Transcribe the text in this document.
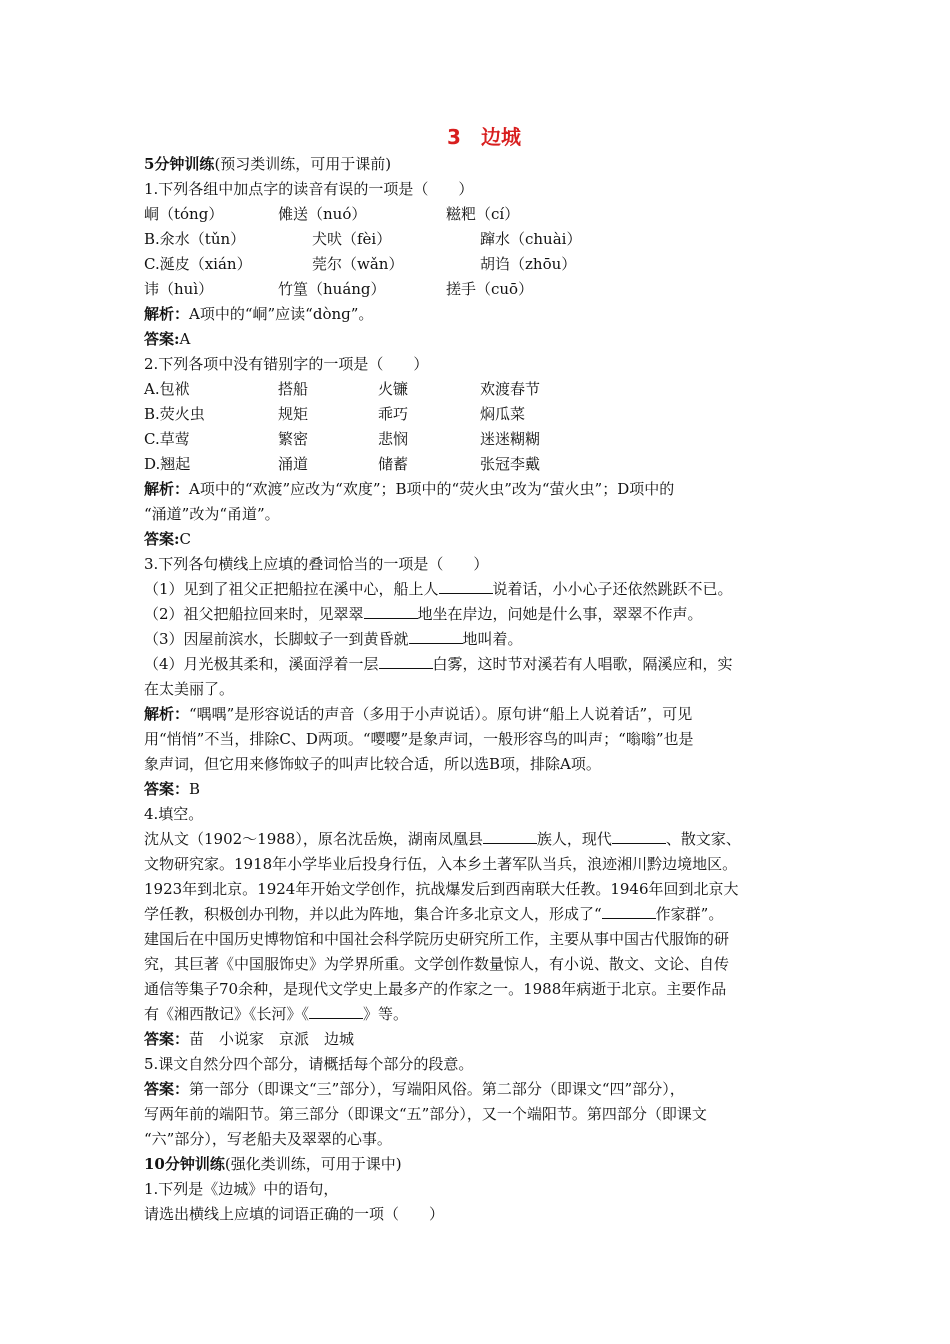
3　边城
5分钟训练(预习类训练，可用于课前)
1.下列各组中加点字的读音有误的一项是（　　）
峒（tóng）	傩送（nuó）	糍粑（cí）
B.氽水（tǔn）	犬吠（fèi）	蹿水（chuài）
C.涎皮（xián）	莞尔（wǎn）	胡诌（zhōu）
讳（huì）	竹篁（huáng）	搓手（cuō）
解析：A项中的“峒”应读“dònɡ”。
答案:A
2.下列各项中没有错别字的一项是（　　）
A.包袱	搭船	火镰	欢渡春节
B.荧火虫	规矩	乖巧	焖瓜菜
C.草莺	繁密	悲悯	迷迷糊糊
D.翘起	涌道	储蓄	张冠李戴
解析：A项中的“欢渡”应改为“欢度”；B项中的“荧火虫”改为“萤火虫”；D项中的
“涌道”改为“甬道”。
答案:C
3.下列各句横线上应填的叠词恰当的一项是（　　）
（1）见到了祖父正把船拉在溪中心，船上人	说着话，小小心子还依然跳跃不已。
（2）祖父把船拉回来时，见翠翠	地坐在岸边，问她是什么事，翠翠不作声。
（3）因屋前滨水，长脚蚊子一到黄昏就	地叫着。
（4）月光极其柔和，溪面浮着一层	白雾，这时节对溪若有人唱歌，隔溪应和，实
在太美丽了。
解析：“喁喁”是形容说话的声音（多用于小声说话）。原句讲“船上人说着话”，可见
用“悄悄”不当，排除C、D两项。“嘤嘤”是象声词，一般形容鸟的叫声；“嗡嗡”也是
象声词，但它用来修饰蚊子的叫声比较合适，所以选B项，排除A项。
答案：B
4.填空。
沈从文（1902～1988），原名沈岳焕，湖南凤凰县	族人，现代	、散文家、
文物研究家。1918年小学毕业后投身行伍，入本乡土著军队当兵，浪迹湘川黔边境地区。
1923年到北京。1924年开始文学创作，抗战爆发后到西南联大任教。1946年回到北京大
学任教，积极创办刊物，并以此为阵地，集合许多北京文人，形成了“	作家群”。
建国后在中国历史博物馆和中国社会科学院历史研究所工作，主要从事中国古代服饰的研
究，其巨著《中国服饰史》为学界所重。文学创作数量惊人，有小说、散文、文论、自传
通信等集子70余种，是现代文学史上最多产的作家之一。1988年病逝于北京。主要作品
有《湘西散记》《长河》《	》等。
答案：苗　小说家　京派　边城
5.课文自然分四个部分，请概括每个部分的段意。
答案：第一部分（即课文“三”部分），写端阳风俗。第二部分（即课文“四”部分），
写两年前的端阳节。第三部分（即课文“五”部分），又一个端阳节。第四部分（即课文
“六”部分），写老船夫及翠翠的心事。
10分钟训练(强化类训练，可用于课中)
1.下列是《边城》中的语句，
请选出横线上应填的词语正确的一项（　　）
